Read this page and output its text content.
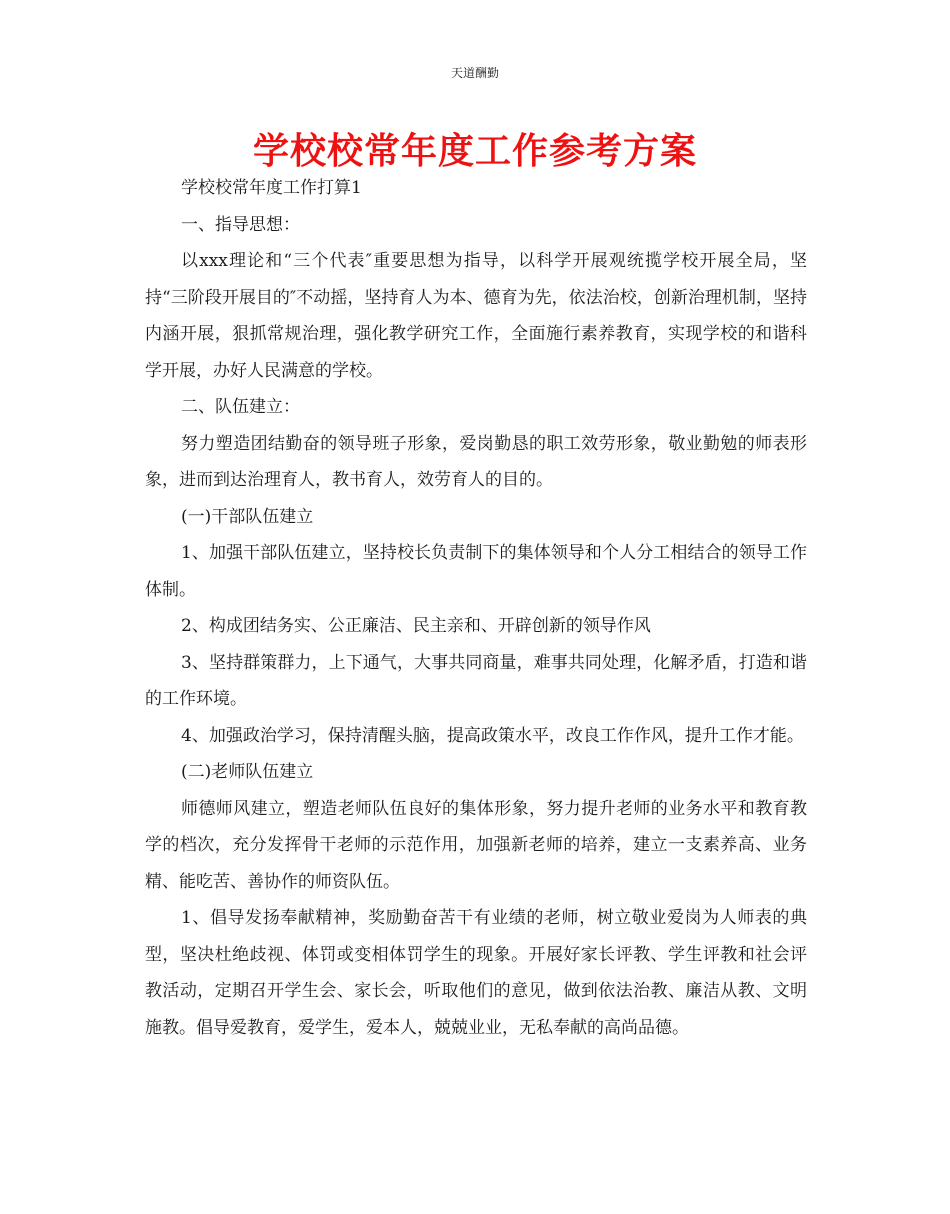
天道酬勤
学校校常年度工作参考方案

学校校常年度工作打算1

一、指导思想：

以xxx理论和“三个代表″重要思想为指导，以科学开展观统揽学校开展全局，坚持“三阶段开展目的″不动摇，坚持育人为本、德育为先，依法治校，创新治理机制，坚持内涵开展，狠抓常规治理，强化教学研究工作，全面施行素养教育，实现学校的和谐科学开展，办好人民满意的学校。

二、队伍建立：

努力塑造团结勤奋的领导班子形象，爱岗勤恳的职工效劳形象，敬业勤勉的师表形象，进而到达治理育人，教书育人，效劳育人的目的。

(一)干部队伍建立

1、加强干部队伍建立，坚持校长负责制下的集体领导和个人分工相结合的领导工作体制。

2、构成团结务实、公正廉洁、民主亲和、开辟创新的领导作风

3、坚持群策群力，上下通气，大事共同商量，难事共同处理，化解矛盾，打造和谐的工作环境。

4、加强政治学习，保持清醒头脑，提高政策水平，改良工作作风，提升工作才能。

(二)老师队伍建立

师德师风建立，塑造老师队伍良好的集体形象，努力提升老师的业务水平和教育教学的档次，充分发挥骨干老师的示范作用，加强新老师的培养，建立一支素养高、业务精、能吃苦、善协作的师资队伍。

1、倡导发扬奉献精神，奖励勤奋苦干有业绩的老师，树立敬业爱岗为人师表的典型，坚决杜绝歧视、体罚或变相体罚学生的现象。开展好家长评教、学生评教和社会评教活动，定期召开学生会、家长会，听取他们的意见，做到依法治教、廉洁从教、文明施教。倡导爱教育，爱学生，爱本人，兢兢业业，无私奉献的高尚品德。
